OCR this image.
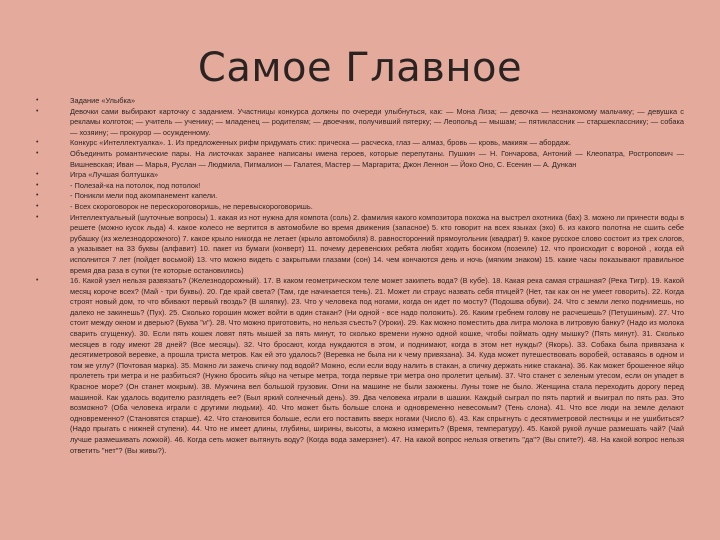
Самое Главное
•	Задание «Улыбка»
•	Девочки сами выбирают карточку с заданием. Участницы конкурса должны по очереди улыбнуться, как: — Мона Лиза; — девочка — незнакомому мальчику; — девушка с рекламы колготок; — учитель — ученику; — младенец — родителям; — двоечник, получивший пятерку; — Леопольд — мышам; — пятиклассник — старшекласснику; — собака — хозяину; — прокурор — осужденному.
•	Конкурс «Интеллектуалка». 1. Из предложенных рифм придумать стих: прическа — расческа, глаз — алмаз, бровь — кровь, макияж — абордаж.
•	Объединить романтические пары. На листочках заранее написаны имена героев, которые перепутаны. Пушкин — Н. Гончарова, Антоний — Клеопатра, Ростропович — Вишневская; Иван — Марья, Руслан — Людмила, Пигмалион — Галатея, Мастер — Маргарита; Джон Леннон — Йоко Оно, С. Есенин — А. Дункан
•	Игра «Лучшая болтушка»
•	- Полезай-ка на потолок, под потолок!
•	- Поникли мели под акомпанемент капели.
•	- Всех скороговорок не перескороговоришь, не перевыскороговоришь.
•	Интеллектуальный (шуточные вопросы) 1. какая из нот нужна для компота (соль) 2. фамилия какого композитора похожа на выстрел охотника (бах) 3. можно ли принести воды в решете (можно кусок льда) 4. какое колесо не вертится в автомобиле во время движения (запасное) 5. кто говорит на всех языках (эхо) 6. из какого полотна не сшить себе рубашку (из железнодорожного) 7. какое крыло никогда не летает (крыло автомобиля) 8. равносторонний прямоугольник (квадрат) 9. какое русское слово состоит из трех слогов, а указывает на 33 буквы (алфавит) 10. пакет из бумаги (конверт) 11. почему деревенских ребята любят ходить босиком (позеиле) 12. что происходит с вороной , когда ей исполнится 7 лет (пойдет восьмой) 13. что можно видеть с закрытыми глазами (сон) 14. чем кончаются день и ночь (мягким знаком) 15. какие часы показывают правильное время два раза в сутки (те которые остановились)
•	16. Какой узел нельзя развязать? (Железнодорожный). 17. В каком геометрическом теле может закипеть вода? (В кубе). 18. Какая река самая страшная? (Река Тигр). 19. Какой месяц короче всех? (Май - три буквы). 20. Где край света? (Там, где начинается тень). 21. Может ли страус назвать себя птицей? (Нет, так как он не умеет говорить). 22. Когда строят новый дом, то что вбивают первый гвоздь? (В шляпку). 23. Что у человека под ногами, когда он идет по мосту? (Подошва обуви). 24. Что с земли легко поднимешь, но далеко не закинешь? (Пух). 25. Сколько горошин может войти в один стакан? (Ни одной - все надо положить). 26. Каким гребнем голову не расчешешь? (Петушиным). 27. Что стоит между окном и дверью? (Буква "и"). 28. Что можно приготовить, но нельзя съесть? (Уроки). 29. Как можно поместить два литра молока в литровую банку? (Надо из молока сварить сгущенку). 30. Если пять кошек ловят пять мышей за пять минут, то сколько времени нужно одной кошке, чтобы поймать одну мышку? (Пять минут). 31. Сколько месяцев в году имеют 28 дней? (Все месяцы). 32. Что бросают, когда нуждаются в этом, и поднимают, когда в этом нет нужды? (Якорь). 33. Собака была привязана к десятиметровой веревке, а прошла триста метров. Как ей это удалось? (Веревка не была ни к чему привязана). 34. Куда может путешествовать воробей, оставаясь в одном и том же углу? (Почтовая марка). 35. Можно ли зажечь спичку под водой? Можно, если если воду налить в стакан, а спичку держать ниже стакана). 36. Как может брошенное яйцо пролететь три метра и не разбиться? (Нужно бросить яйцо на четыре метра, тогда первые три метра оно пролетит целым). 37. Что станет с зеленым утесом, если он упадет в Красное море? (Он станет мокрым). 38. Мужчина вел большой грузовик. Огни на машине не были зажжены. Луны тоже не было. Женщина стала переходить дорогу перед машиной. Как удалось водителю разглядеть ее? (Был яркий солнечный день). 39. Два человека играли в шашки. Каждый сыграл по пять партий и выиграл по пять раз. Это возможно? (Оба человека играли с другими людьми). 40. Что может быть больше слона и одновременно невесомым? (Тень слона). 41. Что все люди на земле делают одновременно? (Становятся старше). 42. Что становится больше, если его поставить вверх ногами (Число 6). 43. Как спрыгнуть с десятиметровой лестницы и не ушибиться? (Надо прыгать с нижней ступени). 44. Что не имеет длины, глубины, ширины, высоты, а можно измерить? (Время, температуру). 45. Какой рукой лучше размешать чай? (Чай лучше размешивать ложкой). 46. Когда сеть может вытянуть воду? (Когда вода замерзнет). 47. На какой вопрос нельзя ответить "да"? (Вы спите?). 48. На какой вопрос нельзя ответить "нет"? (Вы живы?).
